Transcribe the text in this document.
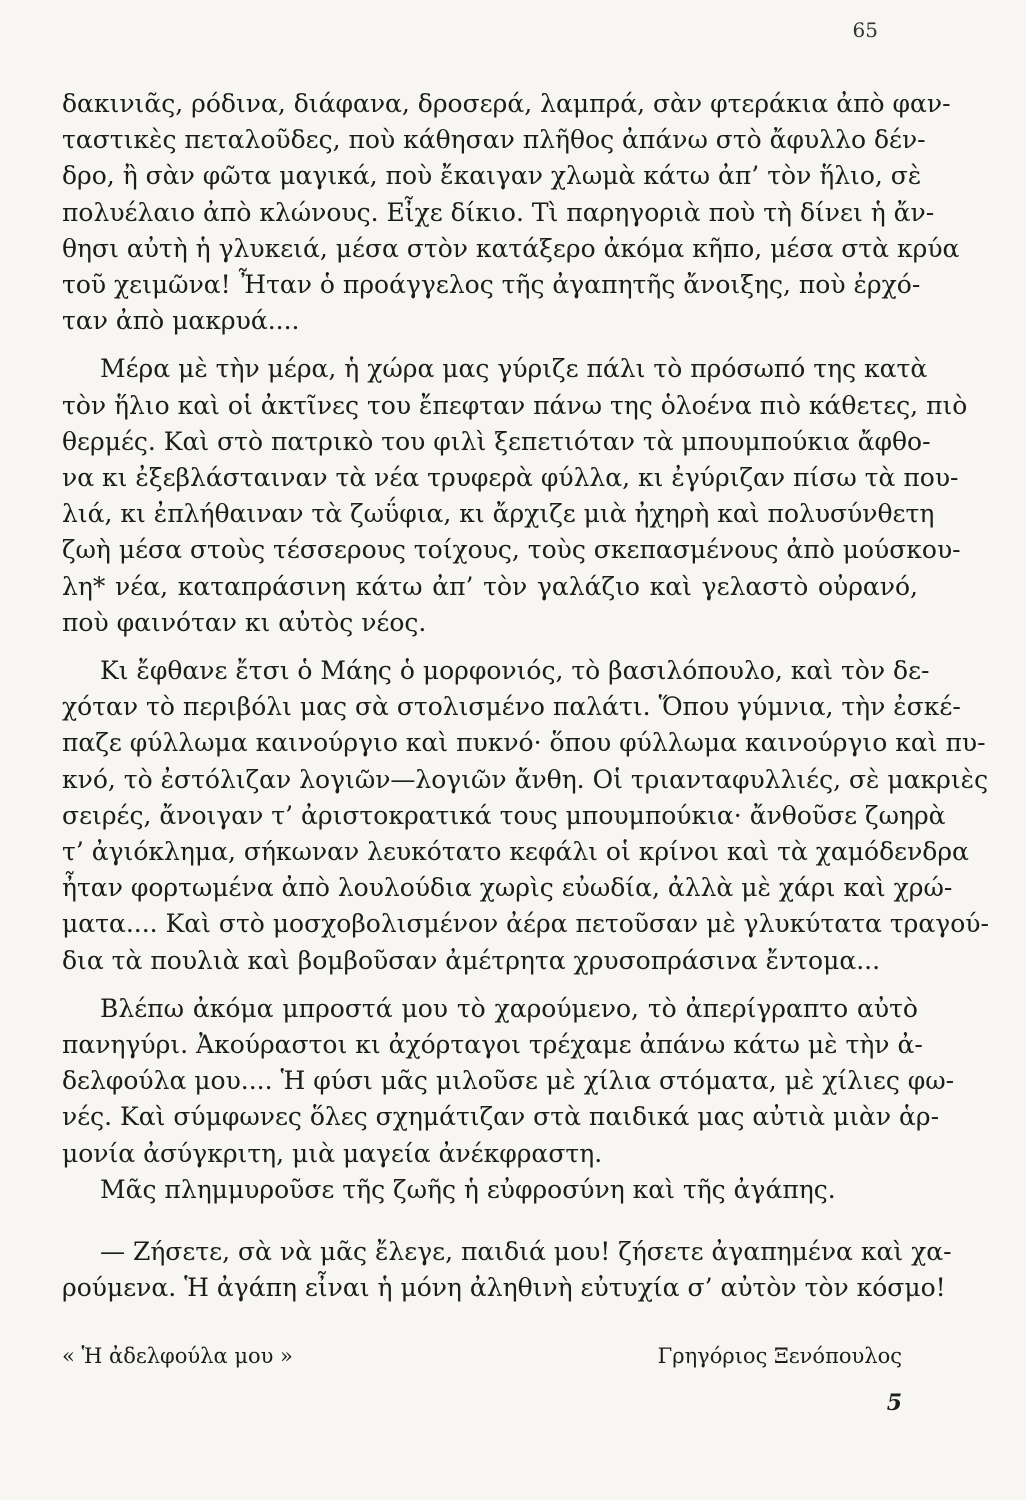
65
δακινιᾶς, ρόδινα, διάφανα, δροσερά, λαμπρά, σὰν φτεράκια ἀπὸ φαν-
ταστικὲς πεταλοῦδες, ποὺ κάθησαν πλῆθος ἀπάνω στὸ ἄφυλλο δέν-
δρο, ἢ σὰν φῶτα μαγικά, ποὺ ἔκαιγαν χλωμὰ κάτω ἀπ’ τὸν ἥλιο, σὲ
πολυέλαιο ἀπὸ κλώνους. Εἶχε δίκιο. Τὶ παρηγοριὰ ποὺ τὴ δίνει ἡ ἄν-
θησι αὐτὴ ἡ γλυκειά, μέσα στὸν κατάξερο ἀκόμα κῆπο, μέσα στὰ κρύα
τοῦ χειμῶνα! Ἦταν ὁ προάγγελος τῆς ἀγαπητῆς ἄνοιξης, ποὺ ἐρχό-
ταν ἀπὸ μακρυά....
Μέρα μὲ τὴν μέρα, ἡ χώρα μας γύριζε πάλι τὸ πρόσωπό της κατὰ
τὸν ἥλιο καὶ οἱ ἀκτῖνες του ἔπεφταν πάνω της ὁλοένα πιὸ κάθετες, πιὸ
θερμές. Καὶ στὸ πατρικὸ του φιλὶ ξεπετιόταν τὰ μπουμπούκια ἄφθο-
να κι ἐξεβλάσταιναν τὰ νέα τρυφερὰ φύλλα, κι ἐγύριζαν πίσω τὰ που-
λιά, κι ἐπλήθαιναν τὰ ζωΰφια, κι ἄρχιζε μιὰ ἠχηρὴ καὶ πολυσύνθετη
ζωὴ μέσα στοὺς τέσσερους τοίχους, τοὺς σκεπασμένους ἀπὸ μούσκου-
λη* νέα, καταπράσινη κάτω ἀπ’ τὸν γαλάζιο καὶ γελαστὸ οὐρανό,
ποὺ φαινόταν κι αὐτὸς νέος.
Κι ἔφθανε ἔτσι ὁ Μάης ὁ μορφονιός, τὸ βασιλόπουλο, καὶ τὸν δε-
χόταν τὸ περιβόλι μας σὰ στολισμένο παλάτι. Ὅπου γύμνια, τὴν ἐσκέ-
παζε φύλλωμα καινούργιο καὶ πυκνό· ὅπου φύλλωμα καινούργιο καὶ πυ-
κνό, τὸ ἐστόλιζαν λογιῶν—λογιῶν ἄνθη. Οἱ τριανταφυλλιές, σὲ μακριὲς
σειρές, ἄνοιγαν τ’ ἀριστοκρατικά τους μπουμπούκια· ἄνθοῦσε ζωηρὰ
τ’ ἀγιόκλημα, σήκωναν λευκότατο κεφάλι οἱ κρίνοι καὶ τὰ χαμόδενδρα
ἦταν φορτωμένα ἀπὸ λουλούδια χωρὶς εὐωδία, ἀλλὰ μὲ χάρι καὶ χρώ-
ματα.... Καὶ στὸ μοσχοβολισμένον ἀέρα πετοῦσαν μὲ γλυκύτατα τραγού-
δια τὰ πουλιὰ καὶ βομβοῦσαν ἀμέτρητα χρυσοπράσινα ἔντομα...
Βλέπω ἀκόμα μπροστά μου τὸ χαρούμενο, τὸ ἀπερίγραπτο αὐτὸ
πανηγύρι. Ἀκούραστοι κι ἀχόρταγοι τρέχαμε ἀπάνω κάτω μὲ τὴν ἀ-
δελφούλα μου.... Ἡ φύσι μᾶς μιλοῦσε μὲ χίλια στόματα, μὲ χίλιες φω-
νές. Καὶ σύμφωνες ὅλες σχημάτιζαν στὰ παιδικά μας αὐτιὰ μιὰν ἁρ-
μονία ἀσύγκριτη, μιὰ μαγεία ἀνέκφραστη.
Μᾶς πλημμυροῦσε τῆς ζωῆς ἡ εὐφροσύνη καὶ τῆς ἀγάπης.
— Ζήσετε, σὰ νὰ μᾶς ἔλεγε, παιδιά μου! ζήσετε ἀγαπημένα καὶ χα-
ρούμενα. Ἡ ἀγάπη εἶναι ἡ μόνη ἀληθινὴ εὐτυχία σ’ αὐτὸν τὸν κόσμο!
« Ἡ ἀδελφούλα μου »	Γρηγόριος Ξενόπουλος
5
